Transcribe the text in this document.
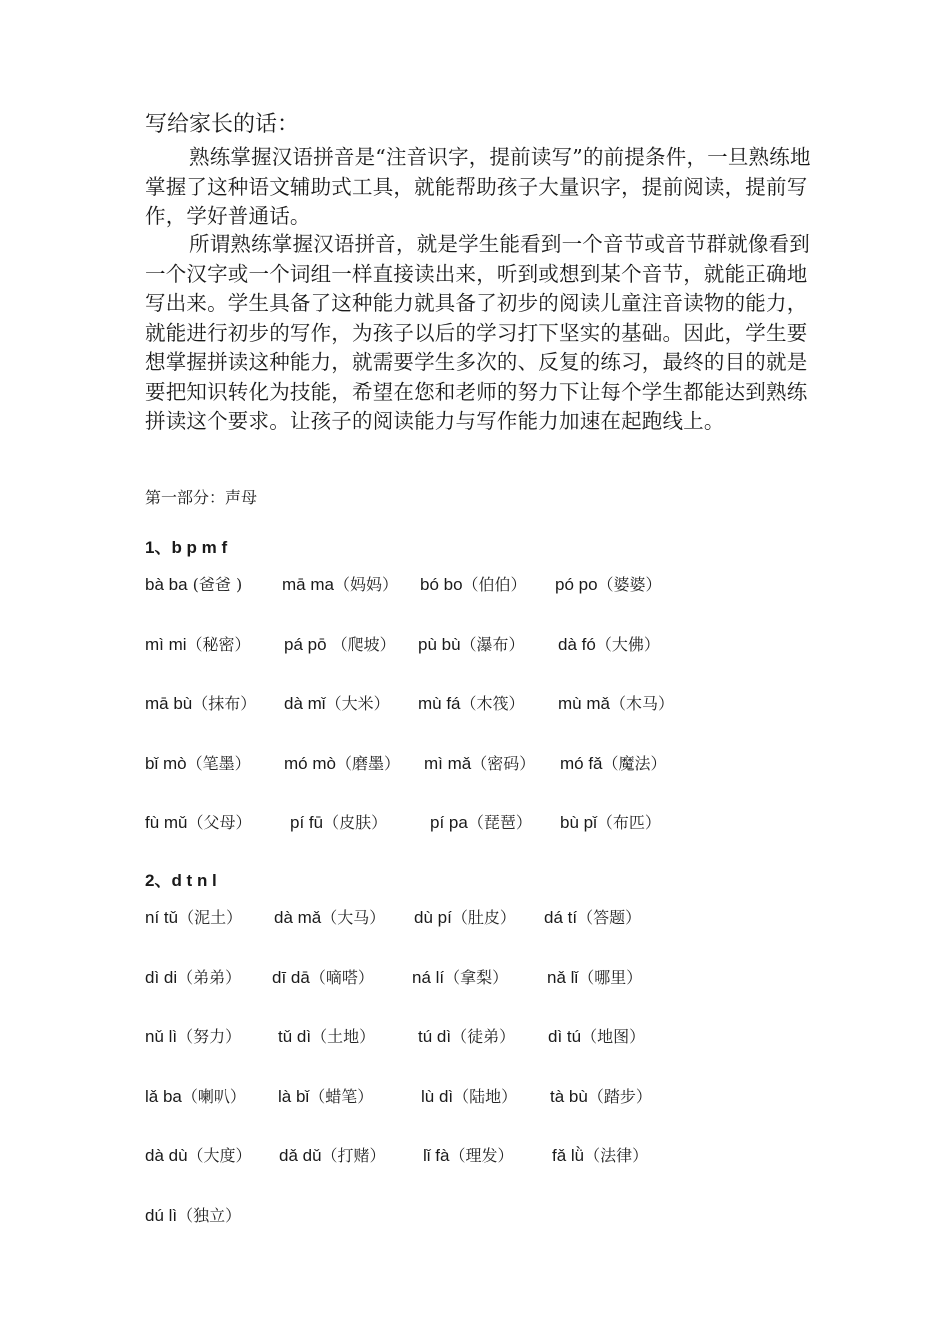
写给家长的话：
熟练掌握汉语拼音是“注音识字，提前读写”的前提条件，一旦熟练地掌握了这种语文辅助式工具，就能帮助孩子大量识字，提前阅读，提前写作，学好普通话。
所谓熟练掌握汉语拼音，就是学生能看到一个音节或音节群就像看到一个汉字或一个词组一样直接读出来，听到或想到某个音节，就能正确地写出来。学生具备了这种能力就具备了初步的阅读儿童注音读物的能力，就能进行初步的写作，为孩子以后的学习打下坚实的基础。因此，学生要想掌握拼读这种能力，就需要学生多次的、反复的练习，最终的目的就是要把知识转化为技能，希望在您和老师的努力下让每个学生都能达到熟练拼读这个要求。让孩子的阅读能力与写作能力加速在起跑线上。
第一部分：声母
1、b p m f
bà ba (爸爸 ) mā ma（妈妈） bó bo（伯伯） pó po（婆婆）
mì mi（秘密） pá pō （爬坡） pù bù（瀑布） dà fó（大佛）
mā bù（抹布） dà mǐ（大米） mù fá（木筏） mù mǎ（木马）
bǐ mò（笔墨） mó mò（磨墨） mì mǎ（密码） mó fǎ（魔法）
fù mǔ（父母） pí fū（皮肤）	pí pa（琵琶） bù pǐ（布匹）
2、d t n l
ní tǔ（泥土） dà mǎ（大马） dù pí（肚皮） dá tí（答题）
dì di（弟弟） dī dā（嘀嗒） ná lí（拿梨） nǎ lǐ（哪里）
nǔ lì（努力） tǔ dì（土地）	tú dì（徒弟） dì tú（地图）
lǎ ba（喇叭） là bǐ（蜡笔）	lù dì（陆地） tà bù（踏步）
dà dù（大度） dǎ dǔ（打赌） lǐ fà（理发） fǎ lǜ（法律）
dú lì（独立）
